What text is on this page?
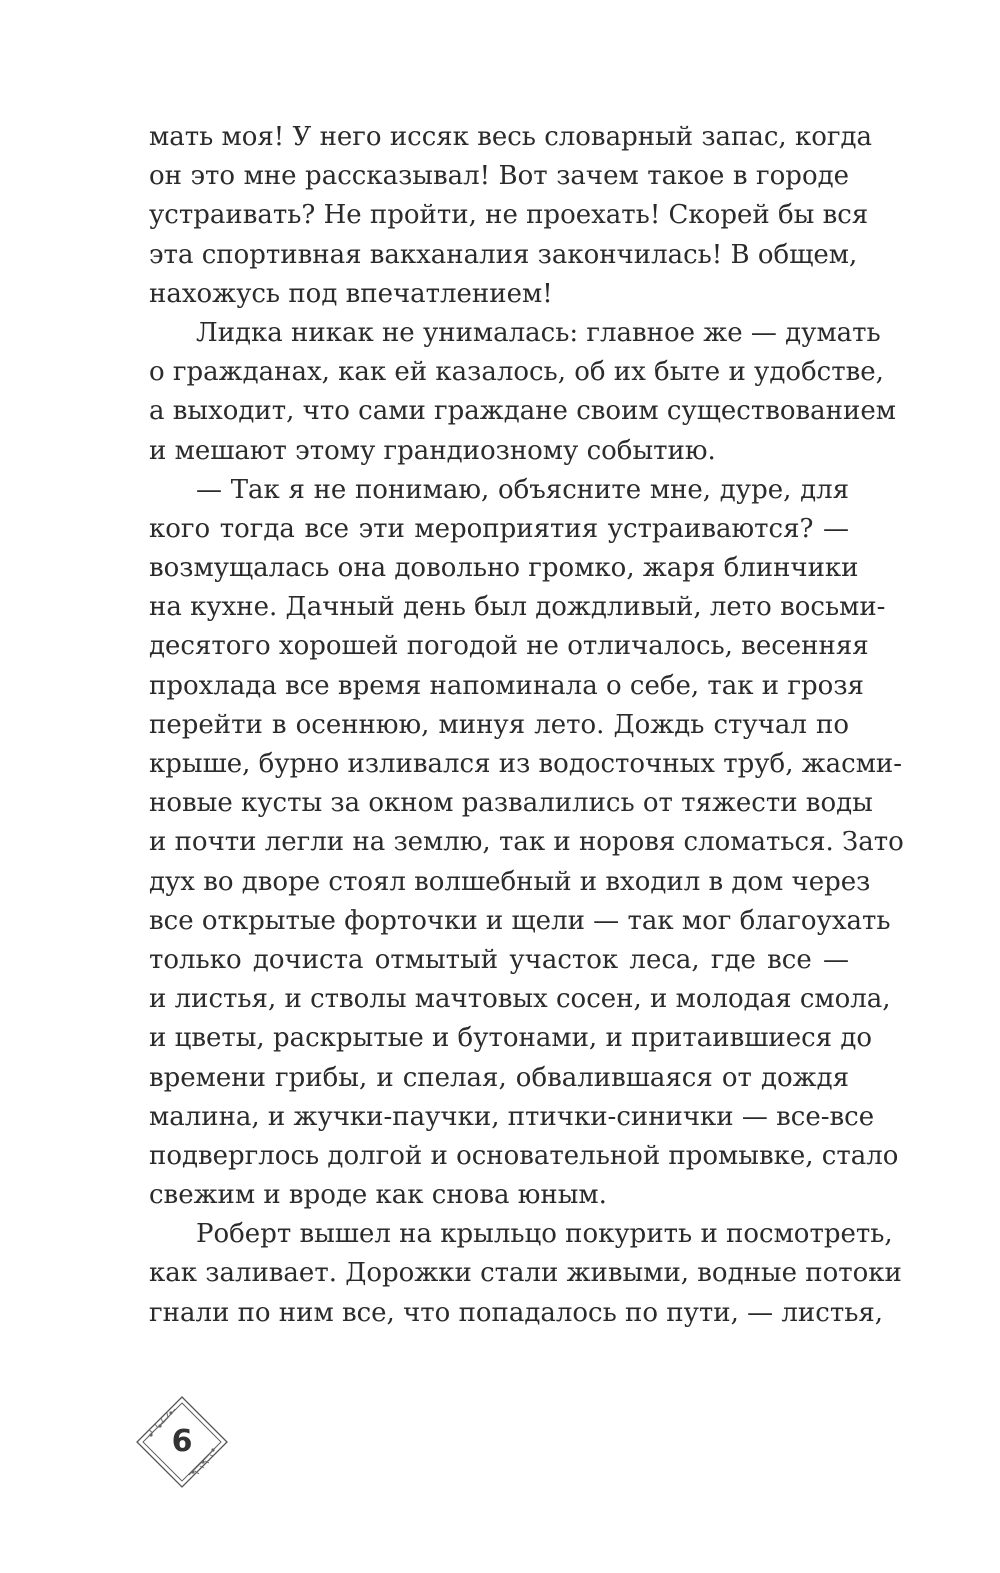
мать моя! У него иссяк весь словарный запас, когда
он это мне рассказывал! Вот зачем такое в городе
устраивать? Не пройти, не проехать! Скорей бы вся
эта спортивная вакханалия закончилась! В общем,
нахожусь под впечатлением!
Лидка никак не унималась: главное же — думать
о гражданах, как ей казалось, об их быте и удобстве,
а выходит, что сами граждане своим существованием
и мешают этому грандиозному событию.
— Так я не понимаю, объясните мне, дуре, для
кого тогда все эти мероприятия устраиваются? —
возмущалась она довольно громко, жаря блинчики
на кухне. Дачный день был дождливый, лето восьми-
десятого хорошей погодой не отличалось, весенняя
прохлада все время напоминала о себе, так и грозя
перейти в осеннюю, минуя лето. Дождь стучал по
крыше, бурно изливался из водосточных труб, жасми-
новые кусты за окном развалились от тяжести воды
и почти легли на землю, так и норовя сломаться. Зато
дух во дворе стоял волшебный и входил в дом через
все открытые форточки и щели — так мог благоухать
только дочиста отмытый участок леса, где все —
и листья, и стволы мачтовых сосен, и молодая смола,
и цветы, раскрытые и бутонами, и притаившиеся до
времени грибы, и спелая, обвалившаяся от дождя
малина, и жучки-паучки, птички-синички — все-все
подверглось долгой и основательной промывке, стало
свежим и вроде как снова юным.
Роберт вышел на крыльцо покурить и посмотреть,
как заливает. Дорожки стали живыми, водные потоки
гнали по ним все, что попадалось по пути, — листья,
6
